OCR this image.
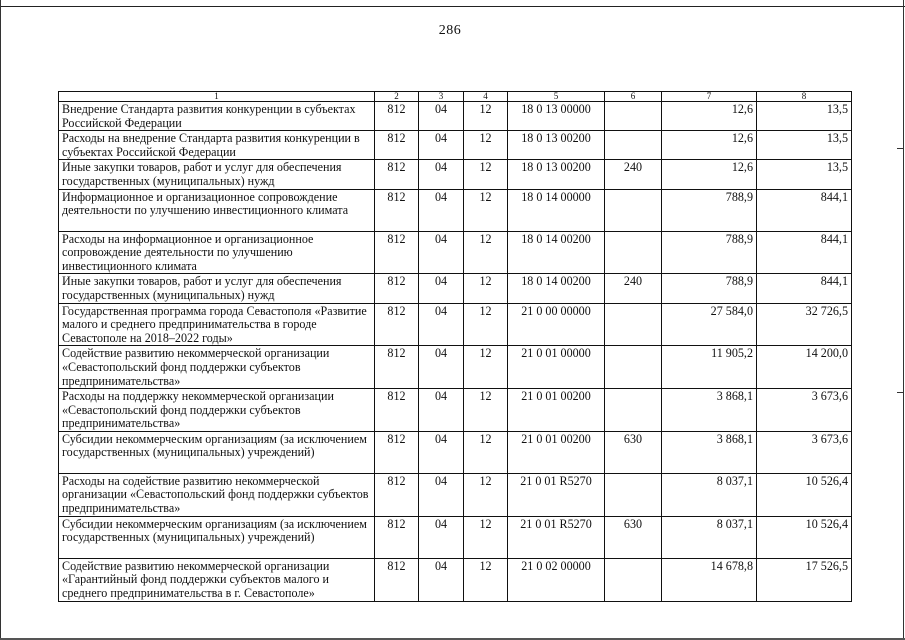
286
1	2	3	4	5	6	7	8
Внедрение Стандарта развития конкуренции в субъектах Российской Федерации	812	04	12	18 0 13 00000		12,6	13,5
Расходы на внедрение Стандарта развития конкуренции в субъектах Российской Федерации	812	04	12	18 0 13 00200		12,6	13,5
Иные закупки товаров, работ и услуг для обеспечения государственных (муниципальных) нужд	812	04	12	18 0 13 00200	240	12,6	13,5
Информационное и организационное сопровождение деятельности по улучшению инвестиционного климата	812	04	12	18 0 14 00000		788,9	844,1
Расходы на информационное и организационное сопровождение деятельности по улучшению инвестиционного климата	812	04	12	18 0 14 00200		788,9	844,1
Иные закупки товаров, работ и услуг для обеспечения государственных (муниципальных) нужд	812	04	12	18 0 14 00200	240	788,9	844,1
Государственная программа города Севастополя «Развитие малого и среднего предпринимательства в городе Севастополе на 2018–2022 годы»	812	04	12	21 0 00 00000		27 584,0	32 726,5
Содействие развитию некоммерческой организации «Севастопольский фонд поддержки субъектов предпринимательства»	812	04	12	21 0 01 00000		11 905,2	14 200,0
Расходы на поддержку некоммерческой организации «Севастопольский фонд поддержки субъектов предпринимательства»	812	04	12	21 0 01 00200		3 868,1	3 673,6
Субсидии некоммерческим организациям (за исключением государственных (муниципальных) учреждений)	812	04	12	21 0 01 00200	630	3 868,1	3 673,6
Расходы на содействие развитию некоммерческой организации «Севастопольский фонд поддержки субъектов предпринимательства»	812	04	12	21 0 01 R5270		8 037,1	10 526,4
Субсидии некоммерческим организациям (за исключением государственных (муниципальных) учреждений)	812	04	12	21 0 01 R5270	630	8 037,1	10 526,4
Содействие развитию некоммерческой организации «Гарантийный фонд поддержки субъектов малого и среднего предпринимательства в г. Севастополе»	812	04	12	21 0 02 00000		14 678,8	17 526,5
